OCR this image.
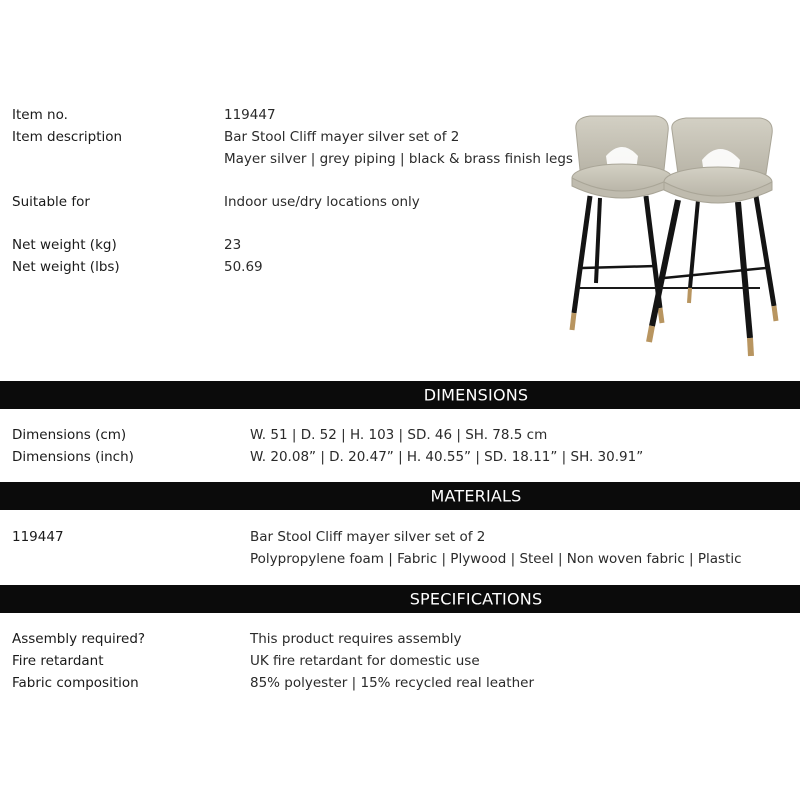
Item no.	119447
Item description	Bar Stool Cliff mayer silver set of 2
Mayer silver | grey piping | black & brass finish legs
Suitable for	Indoor use/dry locations only
Net weight (kg)	23
Net weight (lbs)	50.69
DIMENSIONS
Dimensions (cm)	W. 51 | D. 52 | H. 103 | SD. 46 | SH. 78.5 cm
Dimensions (inch)	W. 20.08” | D. 20.47” | H. 40.55” | SD. 18.11” | SH. 30.91”
MATERIALS
119447	Bar Stool Cliff mayer silver set of 2
Polypropylene foam | Fabric | Plywood | Steel | Non woven fabric | Plastic
SPECIFICATIONS
Assembly required?	This product requires assembly
Fire retardant	UK fire retardant for domestic use
Fabric composition	85% polyester | 15% recycled real leather
